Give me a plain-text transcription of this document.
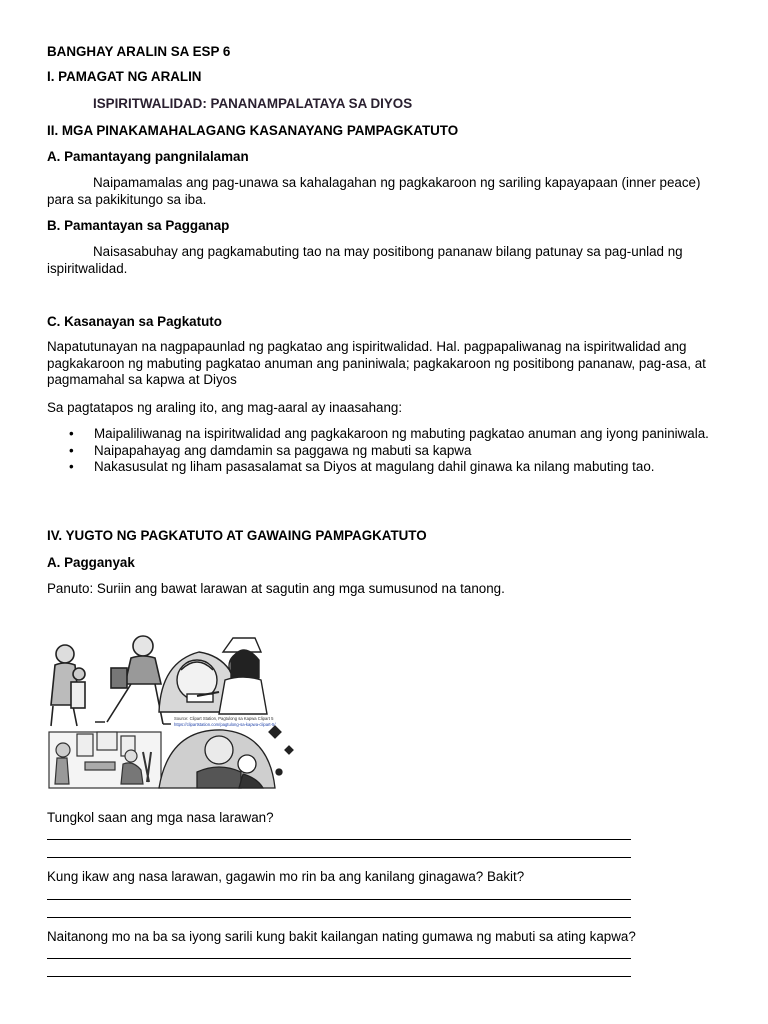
BANGHAY ARALIN SA ESP 6
I. PAMAGAT NG ARALIN
ISPIRITWALIDAD: PANANAMPALATAYA SA DIYOS
II. MGA PINAKAMAHALAGANG KASANAYANG PAMPAGKATUTO
A. Pamantayang pangnilalaman
Naipamamalas ang pag-unawa sa kahalagahan ng pagkakaroon ng sariling kapayapaan (inner peace) para sa pakikitungo sa iba.
B. Pamantayan sa Pagganap
Naisasabuhay ang pagkamabuting tao na may positibong pananaw bilang patunay sa pag-unlad ng ispiritwalidad.
C. Kasanayan sa Pagkatuto
Napatutunayan na nagpapaunlad ng pagkatao ang ispiritwalidad. Hal. pagpapaliwanag na ispiritwalidad ang pagkakaroon ng mabuting pagkatao anuman ang paniniwala; pagkakaroon ng positibong pananaw, pag-asa, at pagmamahal sa kapwa at Diyos
Sa pagtatapos ng araling ito, ang mag-aaral ay inaasahang:
• Maipaliliwanag na ispiritwalidad ang pagkakaroon ng mabuting pagkatao anuman ang iyong paniniwala.
• Naipapahayag ang damdamin sa paggawa ng mabuti sa kapwa
• Nakasusulat ng liham pasasalamat sa Diyos at magulang dahil ginawa ka nilang mabuting tao.
IV. YUGTO NG PAGKATUTO AT GAWAING PAMPAGKATUTO
A. Pagganyak
Panuto: Suriin ang bawat larawan at sagutin ang mga sumusunod na tanong.
Source: Clipart Station, Pagtulong sa Kapwa Clipart 5
https://clipartstation.com/pagtulong-sa-kapwa-clipart-5/
Tungkol saan ang mga nasa larawan?
Kung ikaw ang nasa larawan, gagawin mo rin ba ang kanilang ginagawa? Bakit?
Naitanong mo na ba sa iyong sarili kung bakit kailangan nating gumawa ng mabuti sa ating kapwa?
